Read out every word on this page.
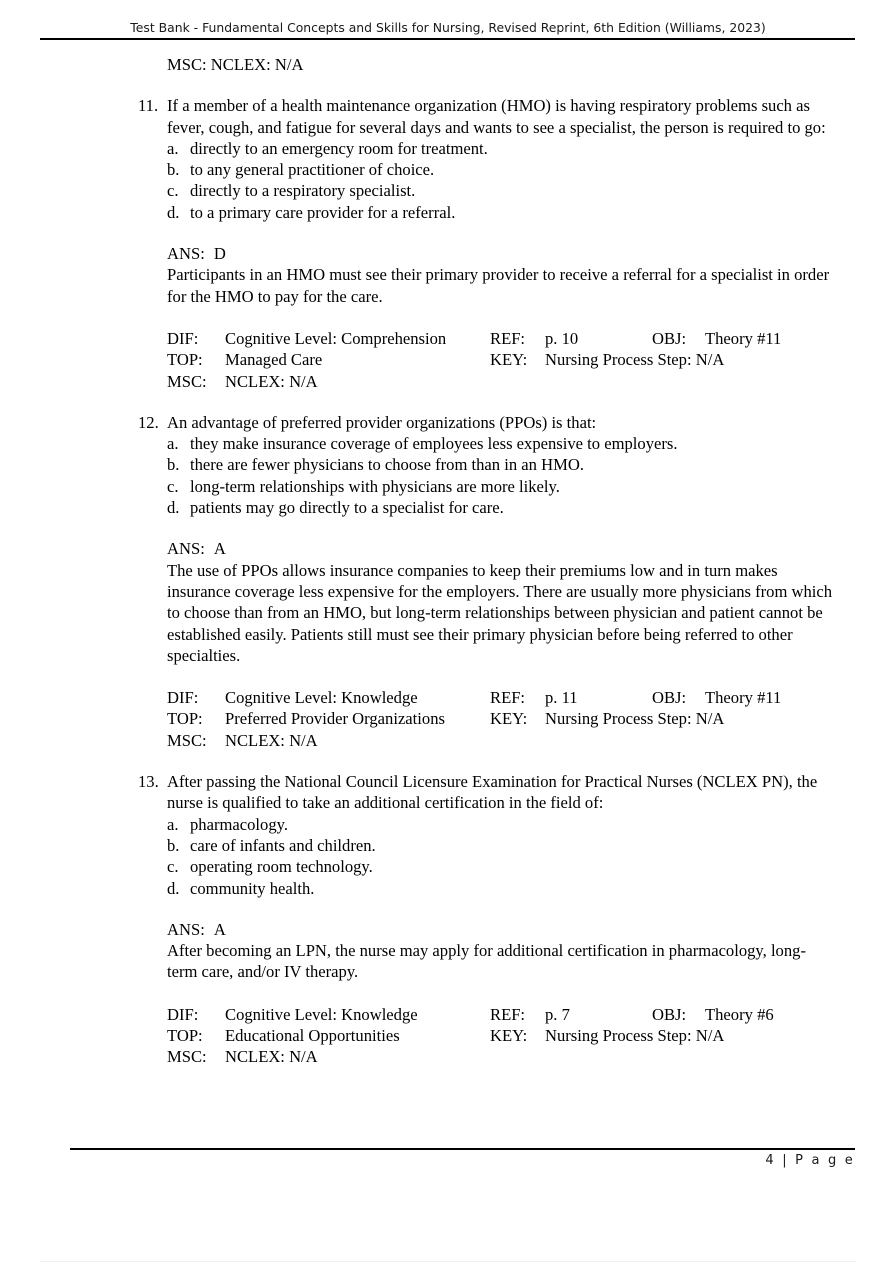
Test Bank - Fundamental Concepts and Skills for Nursing, Revised Reprint, 6th Edition (Williams, 2023)
MSC: NCLEX: N/A
11. If a member of a health maintenance organization (HMO) is having respiratory problems such as fever, cough, and fatigue for several days and wants to see a specialist, the person is required to go:
a. directly to an emergency room for treatment.
b. to any general practitioner of choice.
c. directly to a respiratory specialist.
d. to a primary care provider for a referral.
ANS: D
Participants in an HMO must see their primary provider to receive a referral for a specialist in order for the HMO to pay for the care.
DIF: Cognitive Level: Comprehension	REF: p. 10	OBJ: Theory #11
TOP: Managed Care	KEY: Nursing Process Step: N/A
MSC: NCLEX: N/A
12. An advantage of preferred provider organizations (PPOs) is that:
a. they make insurance coverage of employees less expensive to employers.
b. there are fewer physicians to choose from than in an HMO.
c. long-term relationships with physicians are more likely.
d. patients may go directly to a specialist for care.
ANS: A
The use of PPOs allows insurance companies to keep their premiums low and in turn makes insurance coverage less expensive for the employers. There are usually more physicians from which to choose than from an HMO, but long-term relationships between physician and patient cannot be established easily. Patients still must see their primary physician before being referred to other specialties.
DIF: Cognitive Level: Knowledge	REF: p. 11	OBJ: Theory #11
TOP: Preferred Provider Organizations	KEY: Nursing Process Step: N/A
MSC: NCLEX: N/A
13. After passing the National Council Licensure Examination for Practical Nurses (NCLEX PN), the nurse is qualified to take an additional certification in the field of:
a. pharmacology.
b. care of infants and children.
c. operating room technology.
d. community health.
ANS: A
After becoming an LPN, the nurse may apply for additional certification in pharmacology, long-term care, and/or IV therapy.
DIF: Cognitive Level: Knowledge	REF: p. 7	OBJ: Theory #6
TOP: Educational Opportunities	KEY: Nursing Process Step: N/A
MSC: NCLEX: N/A
4 | P a g e
